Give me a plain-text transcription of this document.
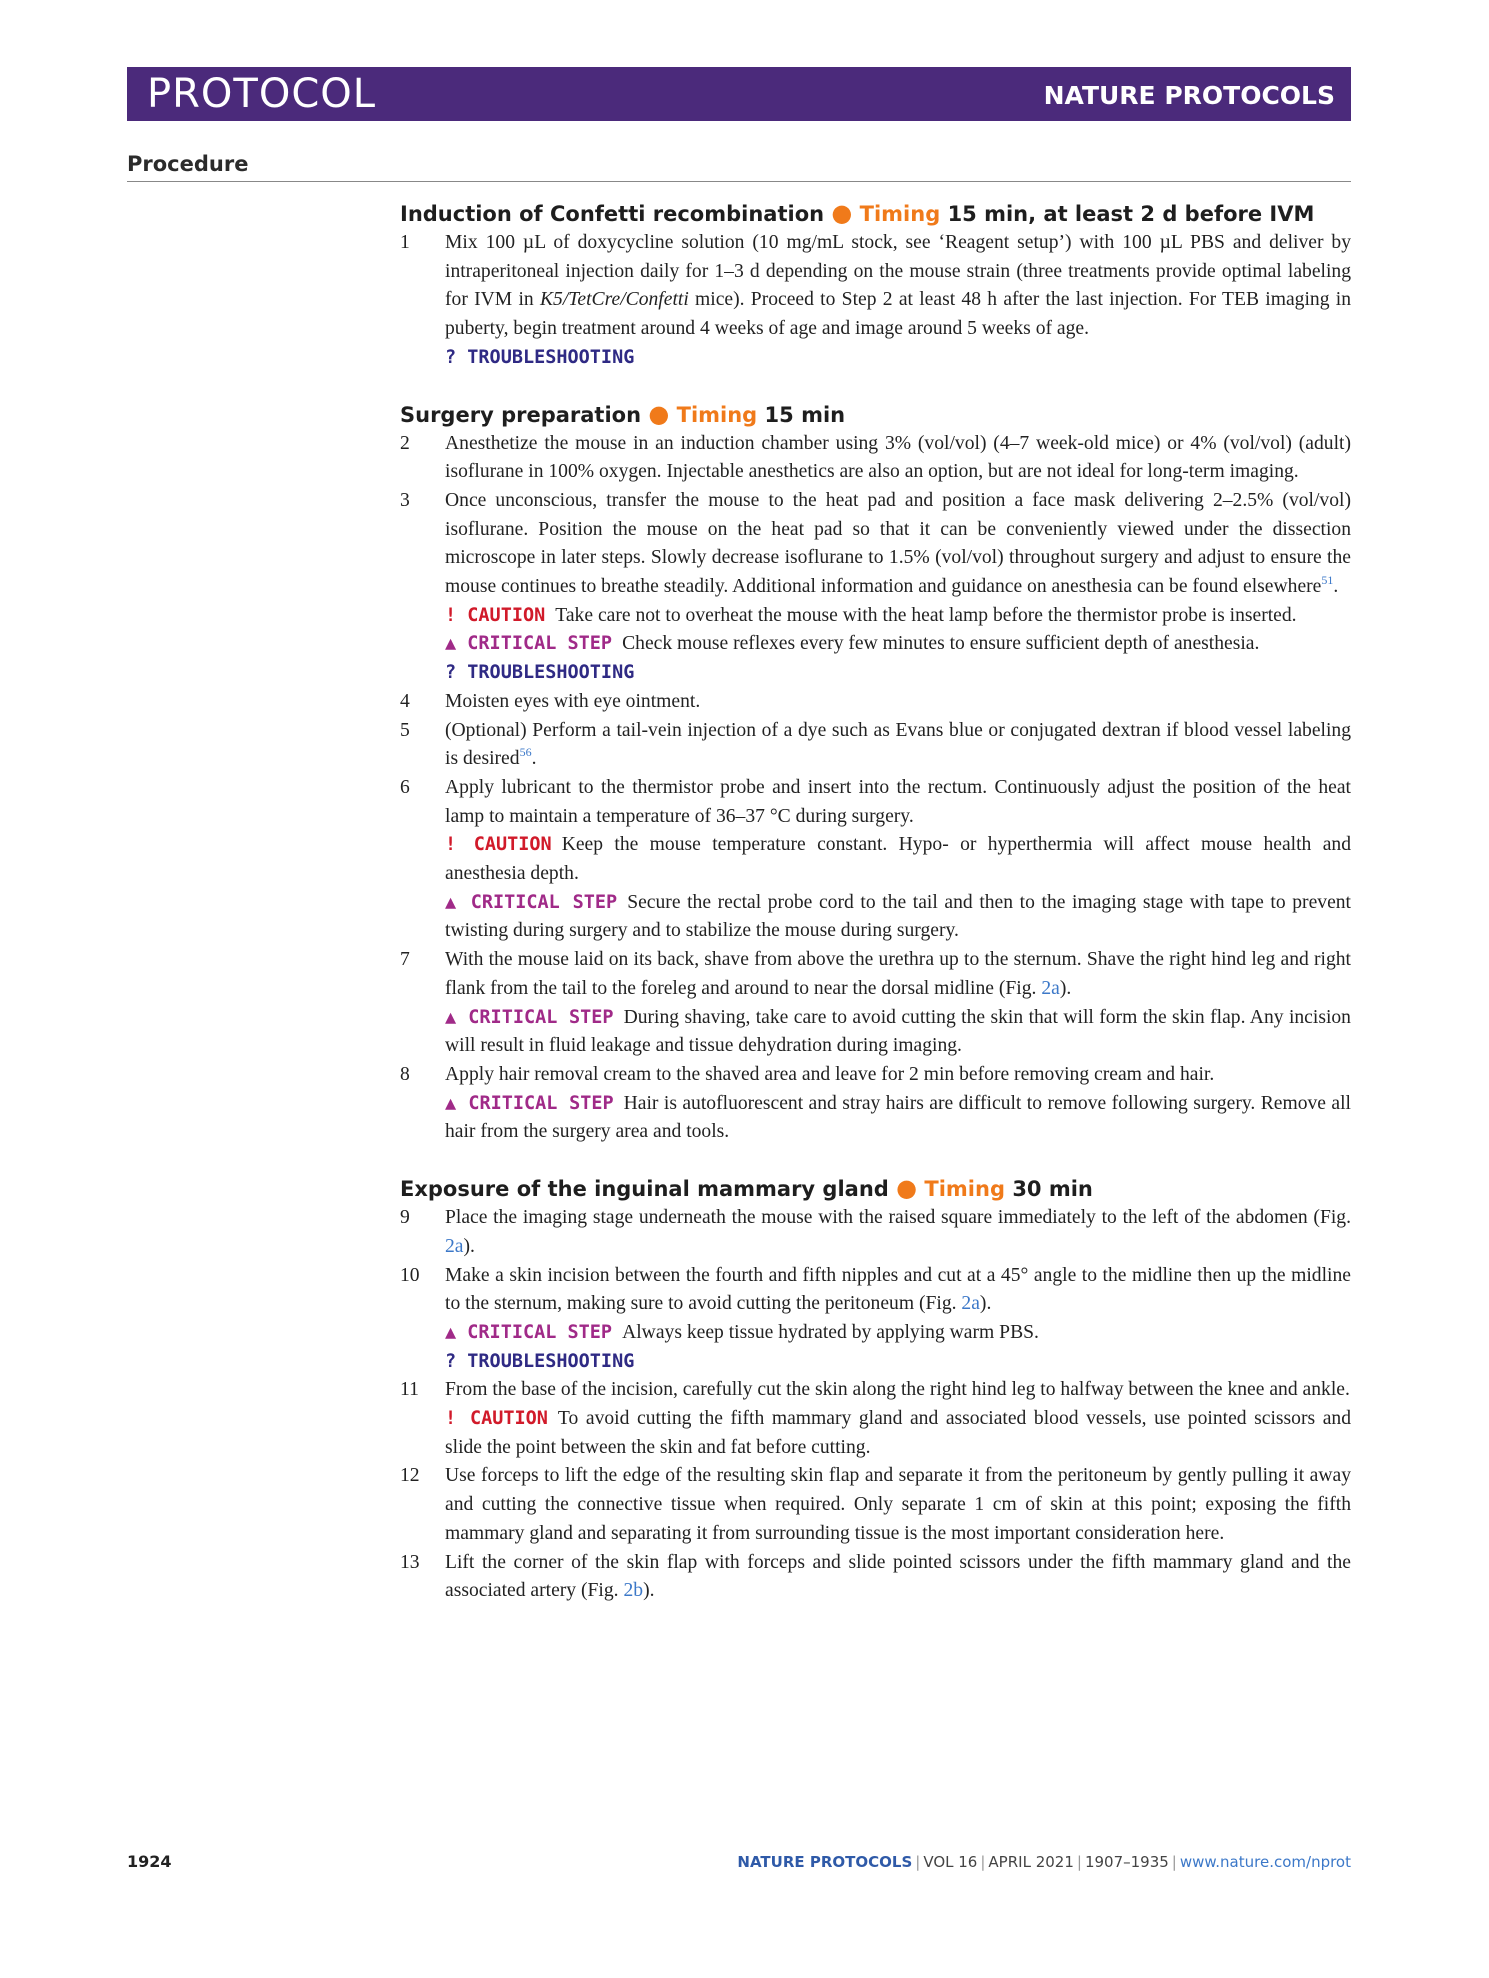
PROTOCOL	NATURE PROTOCOLS
Procedure
Induction of Confetti recombination ● Timing 15 min, at least 2 d before IVM
1 Mix 100 µL of doxycycline solution (10 mg/mL stock, see ‘Reagent setup’) with 100 µL PBS and deliver by intraperitoneal injection daily for 1–3 d depending on the mouse strain (three treatments provide optimal labeling for IVM in K5/TetCre/Confetti mice). Proceed to Step 2 at least 48 h after the last injection. For TEB imaging in puberty, begin treatment around 4 weeks of age and image around 5 weeks of age.
? TROUBLESHOOTING
Surgery preparation ● Timing 15 min
2 Anesthetize the mouse in an induction chamber using 3% (vol/vol) (4–7 week-old mice) or 4% (vol/vol) (adult) isoflurane in 100% oxygen. Injectable anesthetics are also an option, but are not ideal for long-term imaging.
3 Once unconscious, transfer the mouse to the heat pad and position a face mask delivering 2–2.5% (vol/vol) isoflurane. Position the mouse on the heat pad so that it can be conveniently viewed under the dissection microscope in later steps. Slowly decrease isoflurane to 1.5% (vol/vol) throughout surgery and adjust to ensure the mouse continues to breathe steadily. Additional information and guidance on anesthesia can be found elsewhere$^{51}$.
! CAUTION Take care not to overheat the mouse with the heat lamp before the thermistor probe is inserted.
▲ CRITICAL STEP Check mouse reflexes every few minutes to ensure sufficient depth of anesthesia.
? TROUBLESHOOTING
4 Moisten eyes with eye ointment.
5 (Optional) Perform a tail-vein injection of a dye such as Evans blue or conjugated dextran if blood vessel labeling is desired$^{56}$.
6 Apply lubricant to the thermistor probe and insert into the rectum. Continuously adjust the position of the heat lamp to maintain a temperature of 36–37 °C during surgery.
! CAUTION Keep the mouse temperature constant. Hypo- or hyperthermia will affect mouse health and anesthesia depth.
▲ CRITICAL STEP Secure the rectal probe cord to the tail and then to the imaging stage with tape to prevent twisting during surgery and to stabilize the mouse during surgery.
7 With the mouse laid on its back, shave from above the urethra up to the sternum. Shave the right hind leg and right flank from the tail to the foreleg and around to near the dorsal midline (Fig. 2a).
▲ CRITICAL STEP During shaving, take care to avoid cutting the skin that will form the skin flap. Any incision will result in fluid leakage and tissue dehydration during imaging.
8 Apply hair removal cream to the shaved area and leave for 2 min before removing cream and hair.
▲ CRITICAL STEP Hair is autofluorescent and stray hairs are difficult to remove following surgery. Remove all hair from the surgery area and tools.
Exposure of the inguinal mammary gland ● Timing 30 min
9 Place the imaging stage underneath the mouse with the raised square immediately to the left of the abdomen (Fig. 2a).
10 Make a skin incision between the fourth and fifth nipples and cut at a 45° angle to the midline then up the midline to the sternum, making sure to avoid cutting the peritoneum (Fig. 2a).
▲ CRITICAL STEP Always keep tissue hydrated by applying warm PBS.
? TROUBLESHOOTING
11 From the base of the incision, carefully cut the skin along the right hind leg to halfway between the knee and ankle.
! CAUTION To avoid cutting the fifth mammary gland and associated blood vessels, use pointed scissors and slide the point between the skin and fat before cutting.
12 Use forceps to lift the edge of the resulting skin flap and separate it from the peritoneum by gently pulling it away and cutting the connective tissue when required. Only separate 1 cm of skin at this point; exposing the fifth mammary gland and separating it from surrounding tissue is the most important consideration here.
13 Lift the corner of the skin flap with forceps and slide pointed scissors under the fifth mammary gland and the associated artery (Fig. 2b).
1924	NATURE PROTOCOLS | VOL 16 | APRIL 2021 | 1907–1935 | www.nature.com/nprot
